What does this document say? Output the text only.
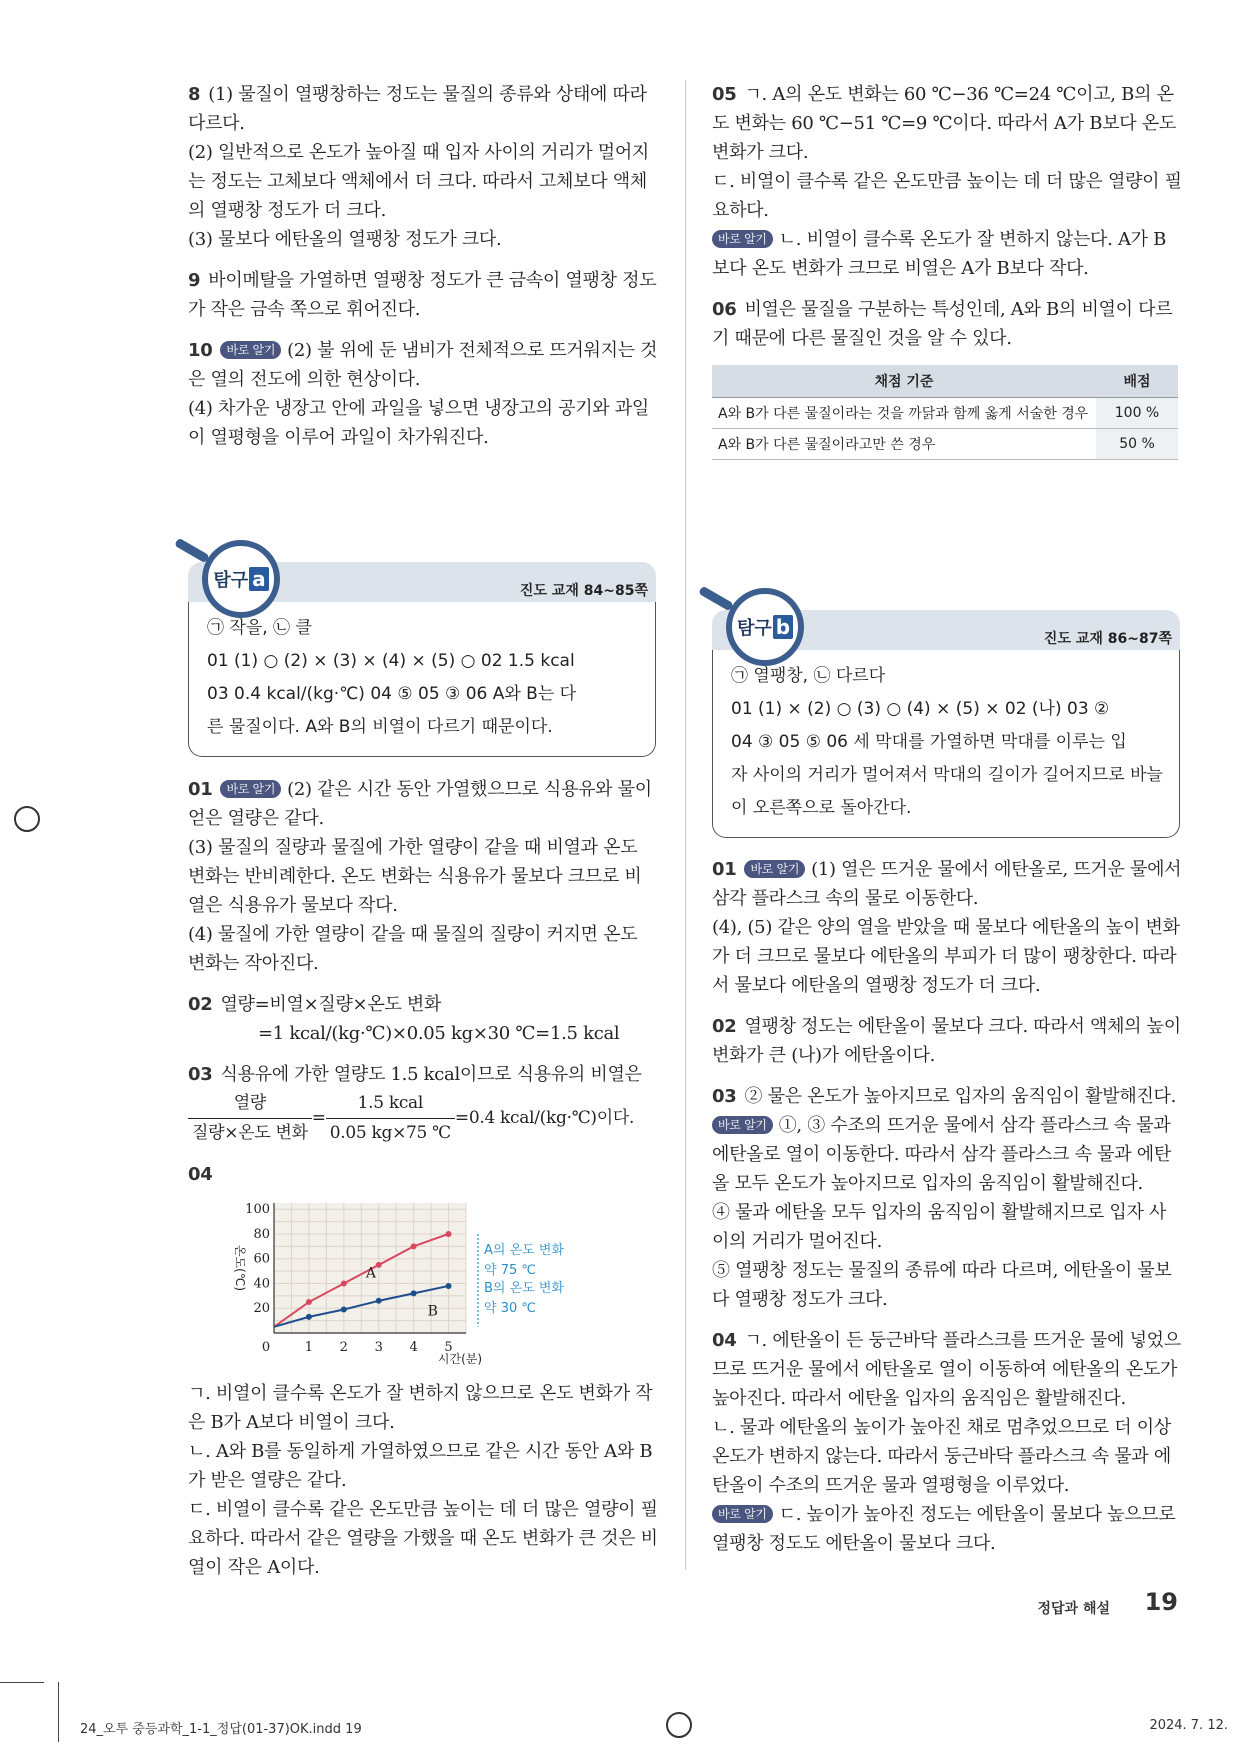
8 (1) 물질이 열팽창하는 정도는 물질의 종류와 상태에 따라 다르다.

(2) 일반적으로 온도가 높아질 때 입자 사이의 거리가 멀어지는 정도는 고체보다 액체에서 더 크다. 따라서 고체보다 액체의 열팽창 정도가 더 크다.

(3) 물보다 에탄올의 열팽창 정도가 크다.

9 바이메탈을 가열하면 열팽창 정도가 큰 금속이 열팽창 정도가 작은 금속 쪽으로 휘어진다.

10 바로 알기 (2) 불 위에 둔 냄비가 전체적으로 뜨거워지는 것은 열의 전도에 의한 현상이다.

(4) 차가운 냉장고 안에 과일을 넣으면 냉장고의 공기와 과일이 열평형을 이루어 과일이 차가워진다.

05 ㄱ. A의 온도 변화는 60 ℃−36 ℃=24 ℃이고, B의 온도 변화는 60 ℃−51 ℃=9 ℃이다. 따라서 A가 B보다 온도 변화가 크다.

ㄷ. 비열이 클수록 같은 온도만큼 높이는 데 더 많은 열량이 필요하다.

바로 알기 ㄴ. 비열이 클수록 온도가 잘 변하지 않는다. A가 B보다 온도 변화가 크므로 비열은 A가 B보다 작다.

06 비열은 물질을 구분하는 특성인데, A와 B의 비열이 다르기 때문에 다른 물질인 것을 알 수 있다.

채점 기준	배점
A와 B가 다른 물질이라는 것을 까닭과 함께 옳게 서술한 경우	100 %
A와 B가 다른 물질이라고만 쓴 경우	50 %
탐구 a	진도 교재 84~85쪽

㉠ 작을, ㉡ 클

01 (1) ○ (2) × (3) × (4) × (5) ○ 02 1.5 kcal

03 0.4 kcal/(kg·℃) 04 ⑤ 05 ③ 06 A와 B는 다

른 물질이다. A와 B의 비열이 다르기 때문이다.

탐구 b	진도 교재 86~87쪽

㉠ 열팽창, ㉡ 다르다

01 (1) × (2) ○ (3) ○ (4) × (5) × 02 (나) 03 ②

04 ③ 05 ⑤ 06 세 막대를 가열하면 막대를 이루는 입

자 사이의 거리가 멀어져서 막대의 길이가 길어지므로 바늘

이 오른쪽으로 돌아간다.

01 바로 알기 (2) 같은 시간 동안 가열했으므로 식용유와 물이 얻은 열량은 같다.

(3) 물질의 질량과 물질에 가한 열량이 같을 때 비열과 온도 변화는 반비례한다. 온도 변화는 식용유가 물보다 크므로 비열은 식용유가 물보다 작다.

(4) 물질에 가한 열량이 같을 때 물질의 질량이 커지면 온도 변화는 작아진다.

02 열량=비열×질량×온도 변화

=1 kcal/(kg·℃)×0.05 kg×30 ℃=1.5 kcal

03 식용유에 가한 열량도 1.5 kcal이므로 식용유의 비열은

$\frac{\text{열량}}{\text{질량×온도 변화}} = \frac{\text{1.5 kcal}}{0.05 kg\times 75 ℃} =0.4$ kcal/(kg·℃)이다.

04

20
40
60
80
100
0	1 2 3 4 5
시간(분)
온도(℃)	A
B
A의 온도 변화
약 75 ℃
B의 온도 변화
약 30 ℃

ㄱ. 비열이 클수록 온도가 잘 변하지 않으므로 온도 변화가 작은 B가 A보다 비열이 크다.

ㄴ. A와 B를 동일하게 가열하였으므로 같은 시간 동안 A와 B가 받은 열량은 같다.

ㄷ. 비열이 클수록 같은 온도만큼 높이는 데 더 많은 열량이 필요하다. 따라서 같은 열량을 가했을 때 온도 변화가 큰 것은 비열이 작은 A이다.

01 바로 알기 (1) 열은 뜨거운 물에서 에탄올로, 뜨거운 물에서 삼각 플라스크 속의 물로 이동한다.

(4), (5) 같은 양의 열을 받았을 때 물보다 에탄올의 높이 변화가 더 크므로 물보다 에탄올의 부피가 더 많이 팽창한다. 따라서 물보다 에탄올의 열팽창 정도가 더 크다.

02 열팽창 정도는 에탄올이 물보다 크다. 따라서 액체의 높이 변화가 큰 (나)가 에탄올이다.

03 ② 물은 온도가 높아지므로 입자의 움직임이 활발해진다.

바로 알기 ①, ③ 수조의 뜨거운 물에서 삼각 플라스크 속 물과 에탄올로 열이 이동한다. 따라서 삼각 플라스크 속 물과 에탄올 모두 온도가 높아지므로 입자의 움직임이 활발해진다.

④ 물과 에탄올 모두 입자의 움직임이 활발해지므로 입자 사이의 거리가 멀어진다.

⑤ 열팽창 정도는 물질의 종류에 따라 다르며, 에탄올이 물보다 열팽창 정도가 크다.

04 ㄱ. 에탄올이 든 둥근바닥 플라스크를 뜨거운 물에 넣었으므로 뜨거운 물에서 에탄올로 열이 이동하여 에탄올의 온도가 높아진다. 따라서 에탄올 입자의 움직임은 활발해진다.

ㄴ. 물과 에탄올의 높이가 높아진 채로 멈추었으므로 더 이상 온도가 변하지 않는다. 따라서 둥근바닥 플라스크 속 물과 에탄올이 수조의 뜨거운 물과 열평형을 이루었다.

바로 알기 ㄷ. 높이가 높아진 정도는 에탄올이 물보다 높으므로 열팽창 정도도 에탄올이 물보다 크다.

정답과 해설 19
24_오투 중등과학_1-1_정답(01-37)OK.indd 19	2024. 7. 12.
